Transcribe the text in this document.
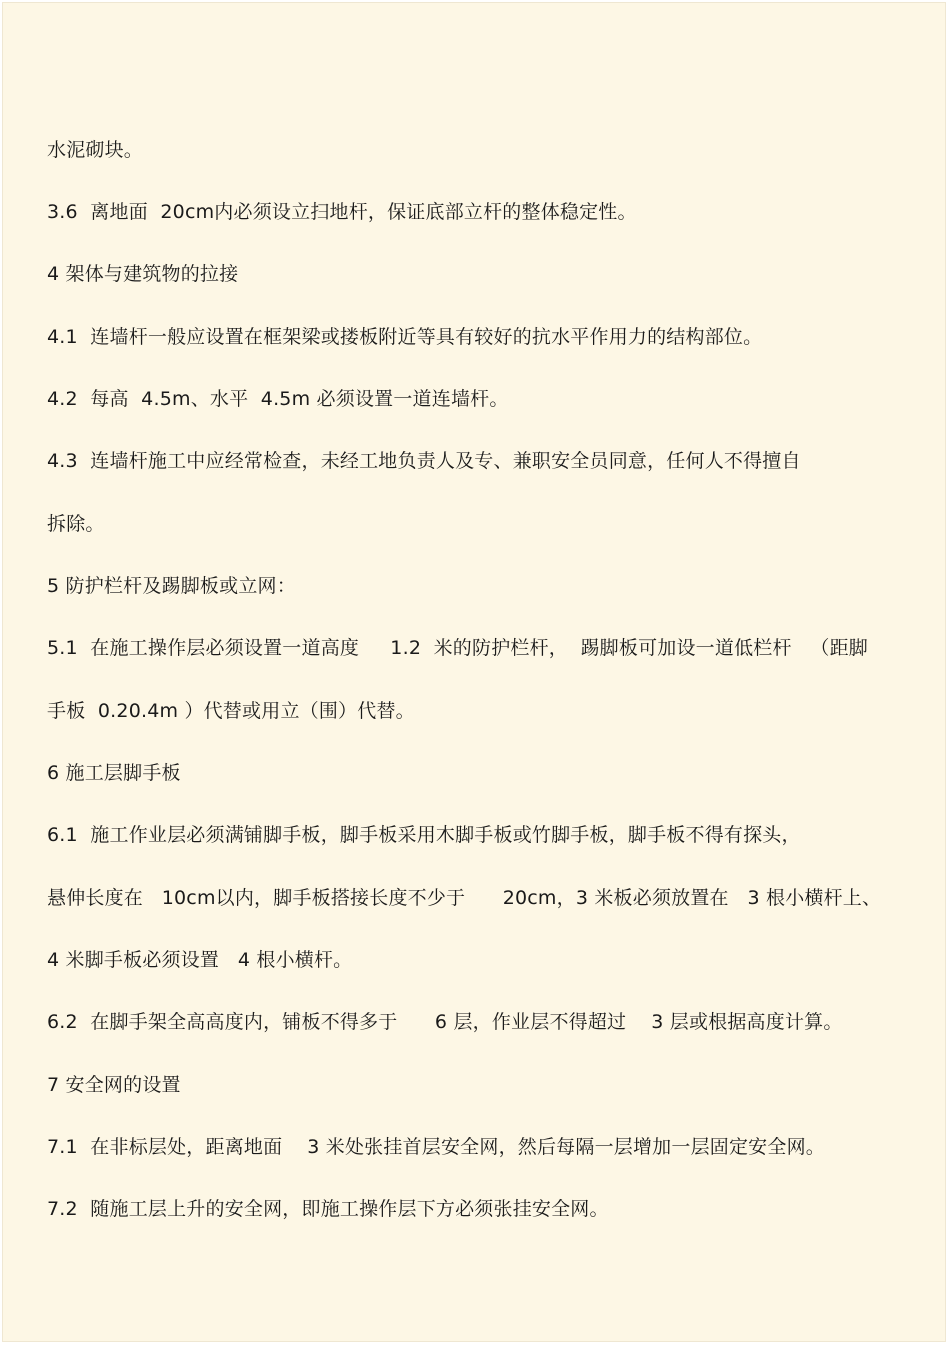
水泥砌块。
3.6  离地面  20cm内必须设立扫地杆，保证底部立杆的整体稳定性。
4 架体与建筑物的拉接
4.1  连墙杆一般应设置在框架梁或搂板附近等具有较好的抗水平作用力的结构部位。
4.2  每高  4.5m、水平  4.5m 必须设置一道连墙杆。
4.3  连墙杆施工中应经常检查，未经工地负责人及专、兼职安全员同意，任何人不得擅自
拆除。
5 防护栏杆及踢脚板或立网：
5.1  在施工操作层必须设置一道高度     1.2  米的防护栏杆，  踢脚板可加设一道低栏杆   （距脚
手板  0.20.4m ）代替或用立（围）代替。
6 施工层脚手板
6.1  施工作业层必须满铺脚手板，脚手板采用木脚手板或竹脚手板，脚手板不得有探头，
悬伸长度在   10cm以内，脚手板搭接长度不少于      20cm，3 米板必须放置在   3 根小横杆上、
4 米脚手板必须设置   4 根小横杆。
6.2  在脚手架全高高度内，铺板不得多于      6 层，作业层不得超过    3 层或根据高度计算。
7 安全网的设置
7.1  在非标层处，距离地面    3 米处张挂首层安全网，然后每隔一层增加一层固定安全网。
7.2  随施工层上升的安全网，即施工操作层下方必须张挂安全网。
